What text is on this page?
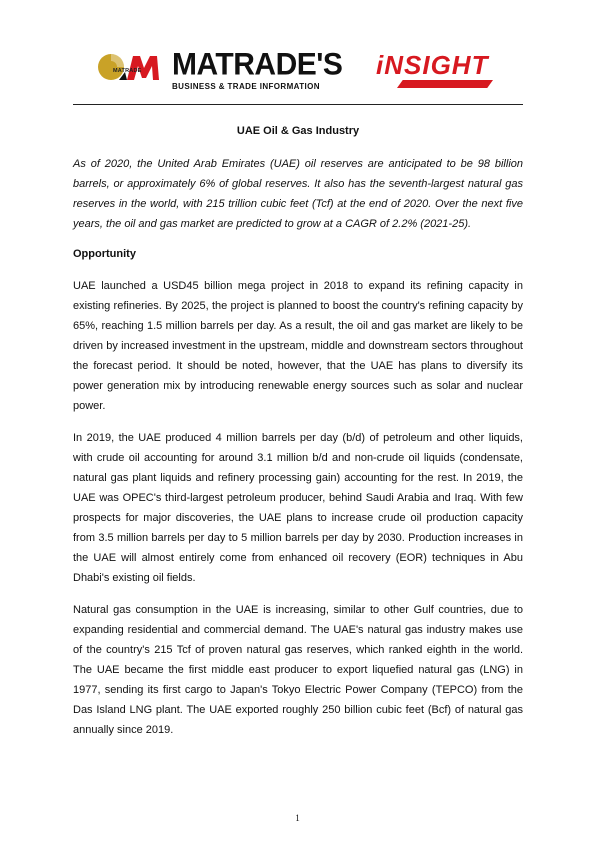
MATRADE MATRADE'S iNSIGHT
BUSINESS & TRADE INFORMATION
UAE Oil & Gas Industry

As of 2020, the United Arab Emirates (UAE) oil reserves are anticipated to be 98 billion barrels, or approximately 6% of global reserves. It also has the seventh-largest natural gas reserves in the world, with 215 trillion cubic feet (Tcf) at the end of 2020. Over the next five years, the oil and gas market are predicted to grow at a CAGR of 2.2% (2021-25).

Opportunity

UAE launched a USD45 billion mega project in 2018 to expand its refining capacity in existing refineries. By 2025, the project is planned to boost the country's refining capacity by 65%, reaching 1.5 million barrels per day. As a result, the oil and gas market are likely to be driven by increased investment in the upstream, middle and downstream sectors throughout the forecast period. It should be noted, however, that the UAE has plans to diversify its power generation mix by introducing renewable energy sources such as solar and nuclear power.

In 2019, the UAE produced 4 million barrels per day (b/d) of petroleum and other liquids, with crude oil accounting for around 3.1 million b/d and non-crude oil liquids (condensate, natural gas plant liquids and refinery processing gain) accounting for the rest. In 2019, the UAE was OPEC's third-largest petroleum producer, behind Saudi Arabia and Iraq. With few prospects for major discoveries, the UAE plans to increase crude oil production capacity from 3.5 million barrels per day to 5 million barrels per day by 2030. Production increases in the UAE will almost entirely come from enhanced oil recovery (EOR) techniques in Abu Dhabi's existing oil fields.

Natural gas consumption in the UAE is increasing, similar to other Gulf countries, due to expanding residential and commercial demand. The UAE's natural gas industry makes use of the country's 215 Tcf of proven natural gas reserves, which ranked eighth in the world. The UAE became the first middle east producer to export liquefied natural gas (LNG) in 1977, sending its first cargo to Japan's Tokyo Electric Power Company (TEPCO) from the Das Island LNG plant. The UAE exported roughly 250 billion cubic feet (Bcf) of natural gas annually since 2019.

1
